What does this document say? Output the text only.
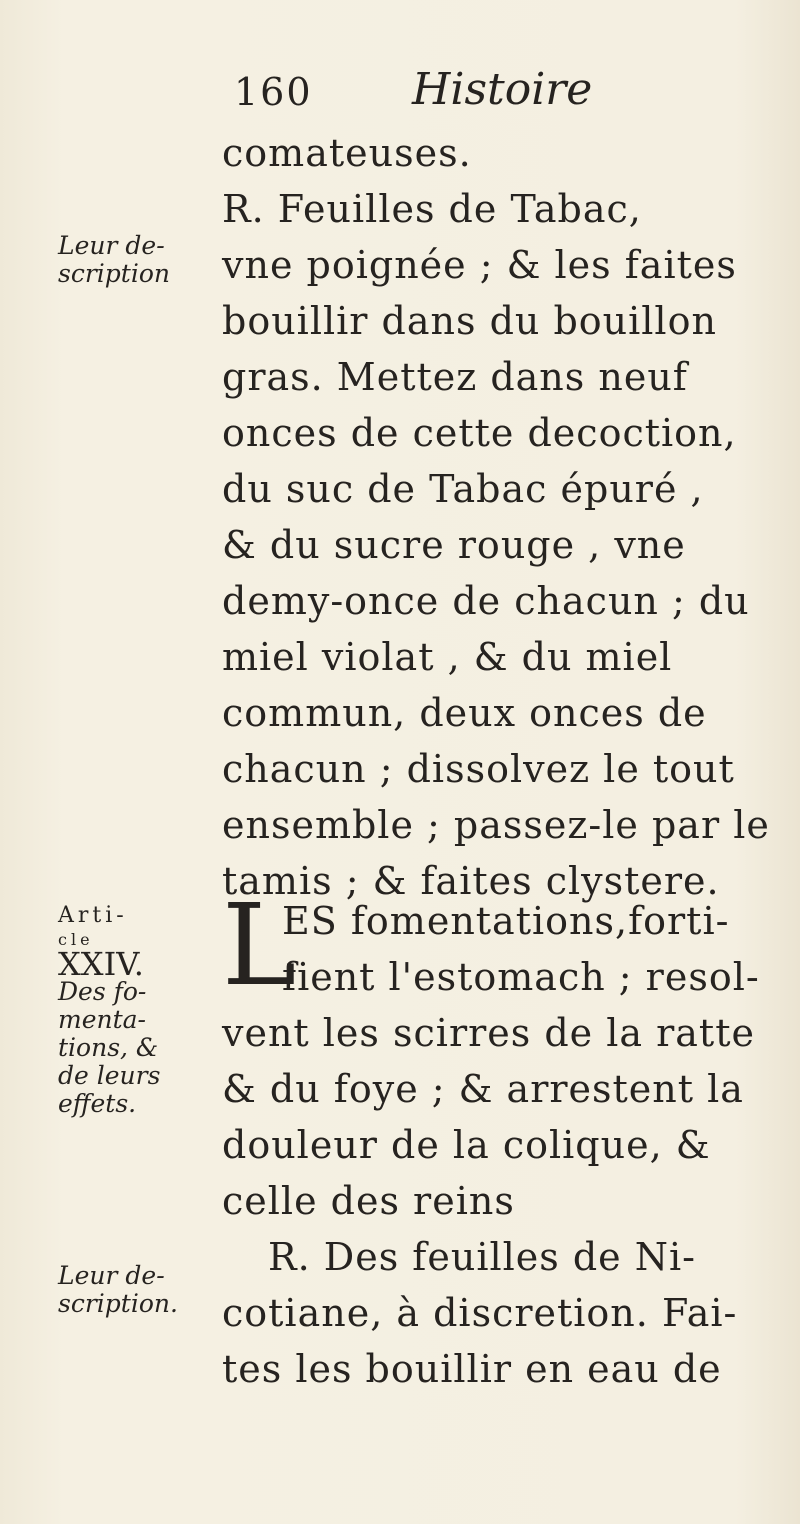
160 Histoire
Leur de-
scription
comateuses.
R. Feuilles de Tabac,
vne poignée ; & les faites
bouillir dans du bouillon
gras. Mettez dans neuf
onces de cette decoction,
du suc de Tabac épuré ,
& du sucre rouge , vne
demy-once de chacun ; du
miel violat , & du miel
commun, deux onces de
chacun ; dissolvez le tout
ensemble ; passez-le par le
tamis ; & faites clystere.
Arti-
cle
XXIV.
Des fo-
menta-
tions, &
de leurs
effets.
L
ES fomentations,forti-
fient l'estomach ; resol-
vent les scirres de la ratte
& du foye ; & arrestent la
douleur de la colique, &
celle des reins
R. Des feuilles de Ni-
cotiane, à discretion. Fai-
tes les bouillir en eau de
Leur de-
scription.
